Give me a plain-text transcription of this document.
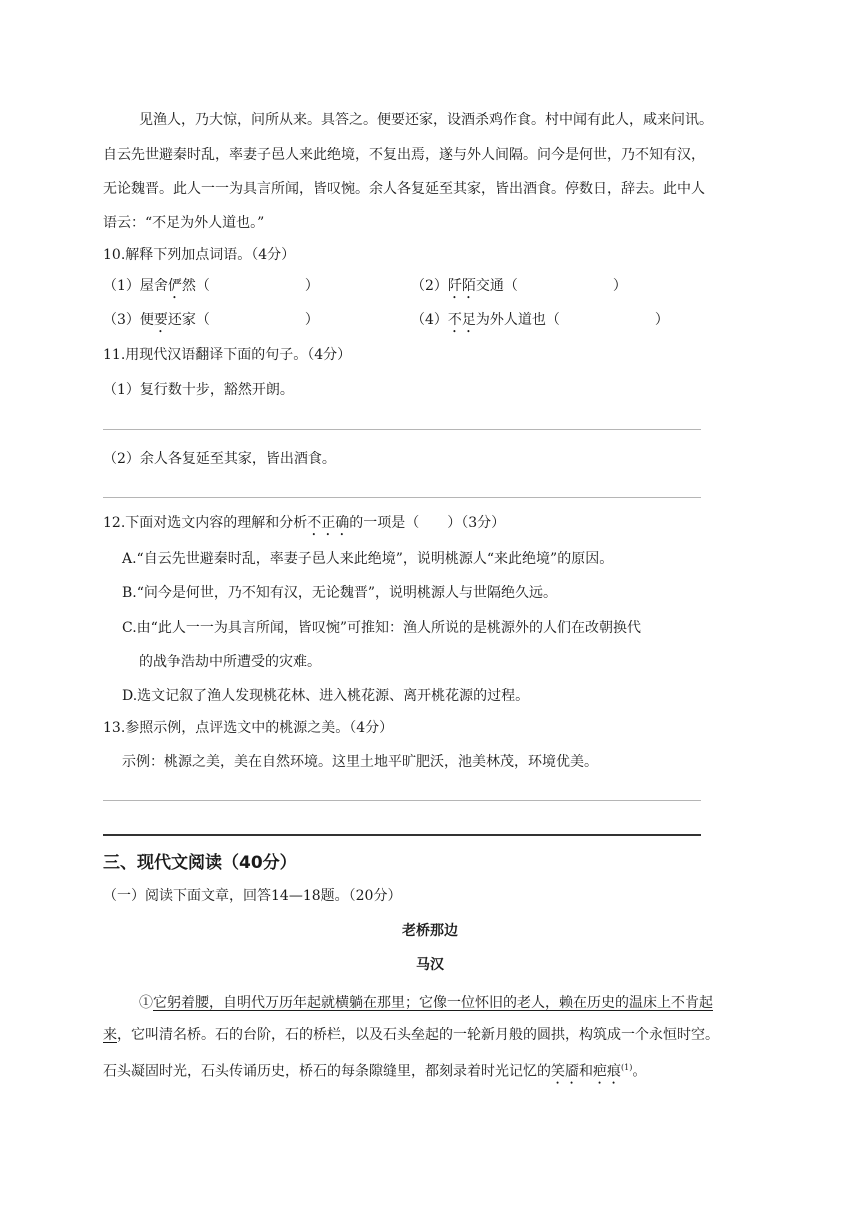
见渔人，乃大惊，问所从来。具答之。便要还家，设酒杀鸡作食。村中闻有此人，咸来问讯。
自云先世避秦时乱，率妻子邑人来此绝境，不复出焉，遂与外人间隔。问今是何世，乃不知有汉，
无论魏晋。此人一一为具言所闻，皆叹惋。余人各复延至其家，皆出酒食。停数日，辞去。此中人
语云：“不足为外人道也。”
10.解释下列加点词语。（4分）
（1）屋舍俨然（	）	（2）阡陌交通（	）
（3）便要还家（	）	（4）不足为外人道也（	）
11.用现代汉语翻译下面的句子。（4分）
（1）复行数十步，豁然开朗。
（2）余人各复延至其家，皆出酒食。
12.下面对选文内容的理解和分析不正确的一项是（　　）（3分）
A.“自云先世避秦时乱，率妻子邑人来此绝境”，说明桃源人“来此绝境”的原因。
B.“问今是何世，乃不知有汉，无论魏晋”，说明桃源人与世隔绝久远。
C.由“此人一一为具言所闻，皆叹惋”可推知：渔人所说的是桃源外的人们在改朝换代
的战争浩劫中所遭受的灾难。
D.选文记叙了渔人发现桃花林、进入桃花源、离开桃花源的过程。
13.参照示例，点评选文中的桃源之美。（4分）
示例：桃源之美，美在自然环境。这里土地平旷肥沃，池美林茂，环境优美。
三、现代文阅读（40分）
（一）阅读下面文章，回答14—18题。（20分）
老桥那边
马汉
①它躬着腰，自明代万历年起就横躺在那里；它像一位怀旧的老人，赖在历史的温床上不肯起
来，它叫清名桥。石的台阶，石的桥栏，以及石头垒起的一轮新月般的圆拱，构筑成一个永恒时空。
石头凝固时光，石头传诵历史，桥石的每条隙缝里，都刻录着时光记忆的笑靥和疤痕$^{(1)}$。
